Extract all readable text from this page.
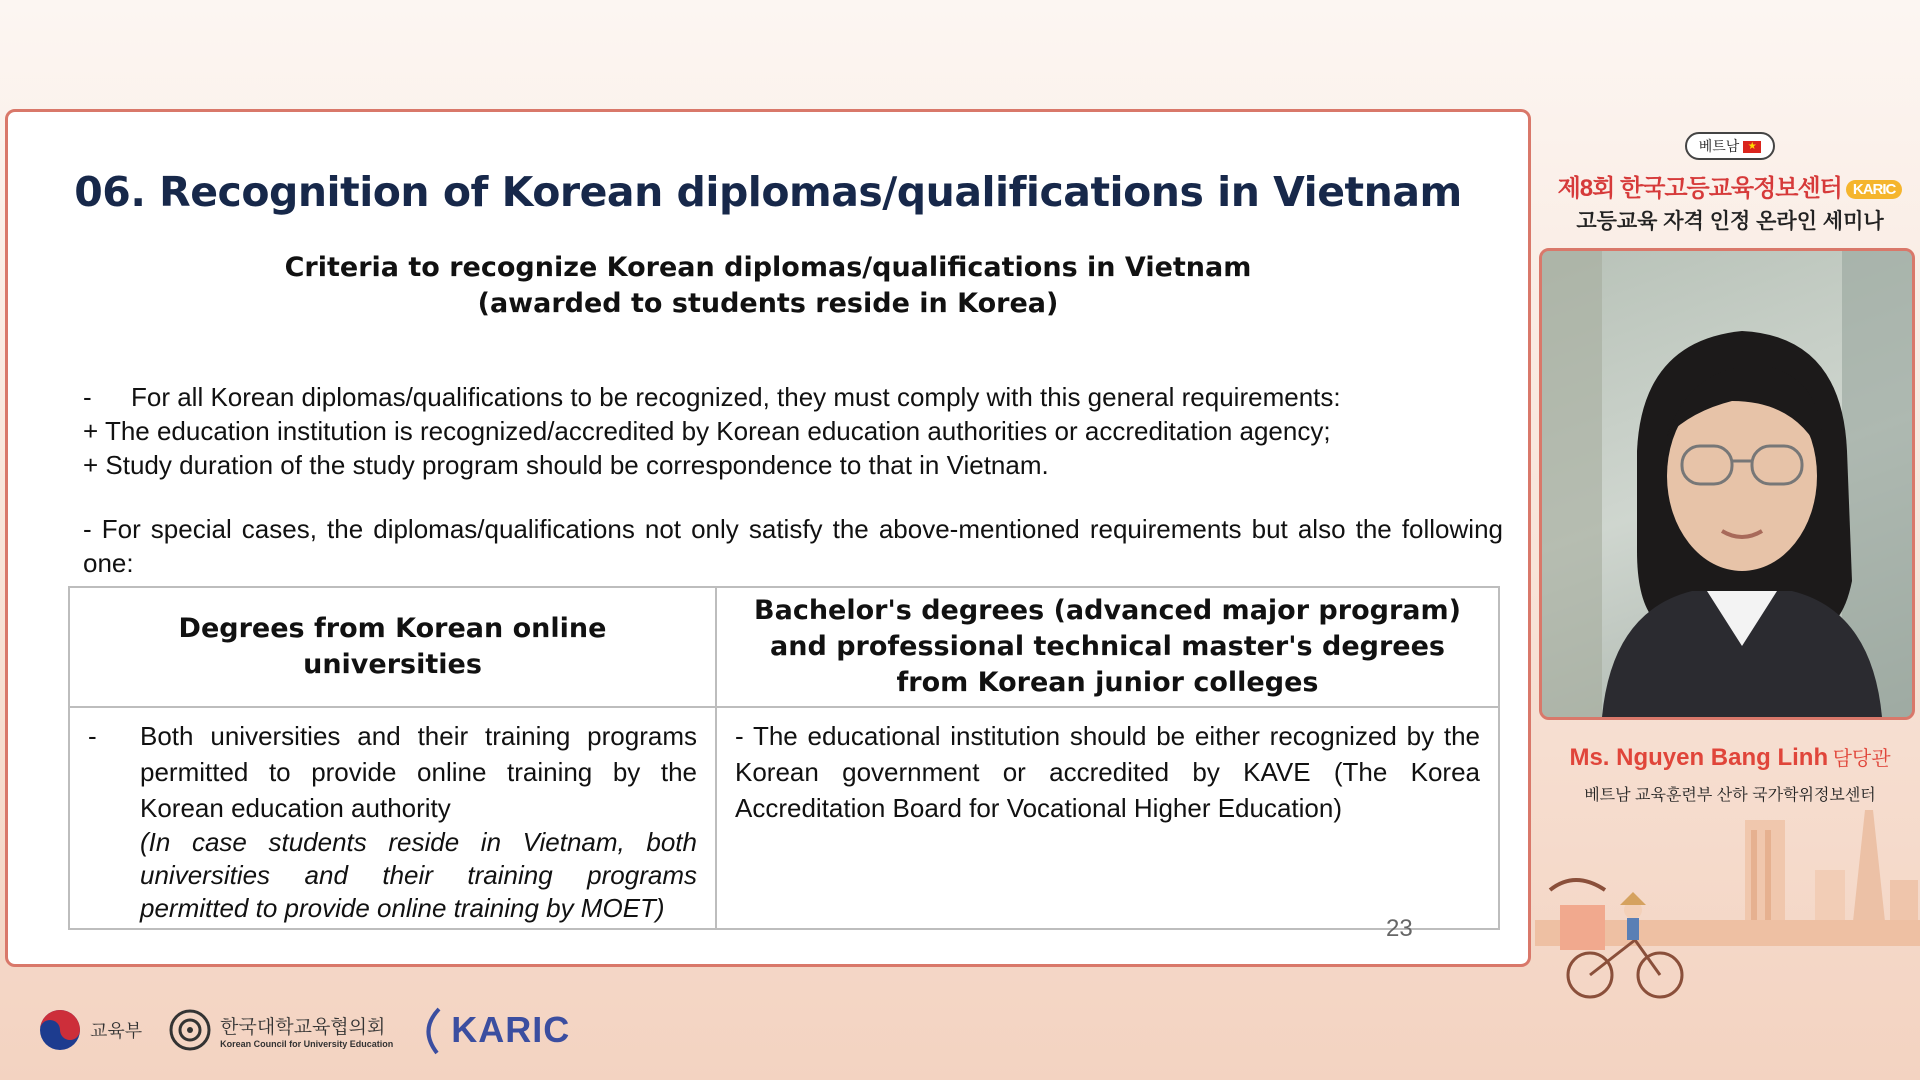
06. Recognition of Korean diplomas/qualifications in Vietnam
Criteria to recognize Korean diplomas/qualifications in Vietnam
(awarded to students reside in Korea)
- For all Korean diplomas/qualifications to be recognized, they must comply with this general requirements:
+ The education institution is recognized/accredited by Korean education authorities or accreditation agency;
+ Study duration of the study program should be correspondence to that in Vietnam.
- For special cases, the diplomas/qualifications not only satisfy the above-mentioned requirements but also the following one:
Degrees from Korean online universities
-	Both universities and their training programs permitted to provide online training by the Korean education authority
(In case students reside in Vietnam, both universities and their training programs permitted to provide online training by MOET)
Bachelor's degrees (advanced major program) and professional technical master's degrees from Korean junior colleges
- The educational institution should be either recognized by the Korean government or accredited by KAVE (The Korea Accreditation Board for Vocational Higher Education)
23
베트남 ★
제8회 한국고등교육정보센터 KARIC
고등교육 자격 인정 온라인 세미나
Ms. Nguyen Bang Linh 담당관
베트남 교육훈련부 산하 국가학위정보센터
교육부	한국대학교육협의회
Korean Council for University Education KARIC
